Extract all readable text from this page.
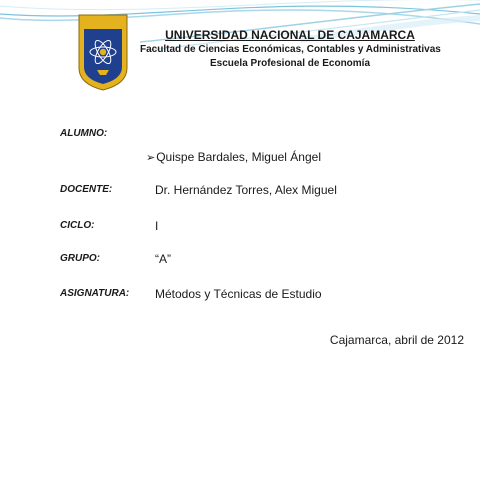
UNIVERSIDAD NACIONAL DE CAJAMARCA
Facultad de Ciencias Económicas, Contables y Administrativas
Escuela Profesional de Economía
ALUMNO:
➢Quispe Bardales, Miguel Ángel
DOCENTE:	Dr. Hernández Torres, Alex Miguel
CICLO:	I
GRUPO:	“A”
ASIGNATURA: Métodos y Técnicas de Estudio
Cajamarca, abril de 2012
